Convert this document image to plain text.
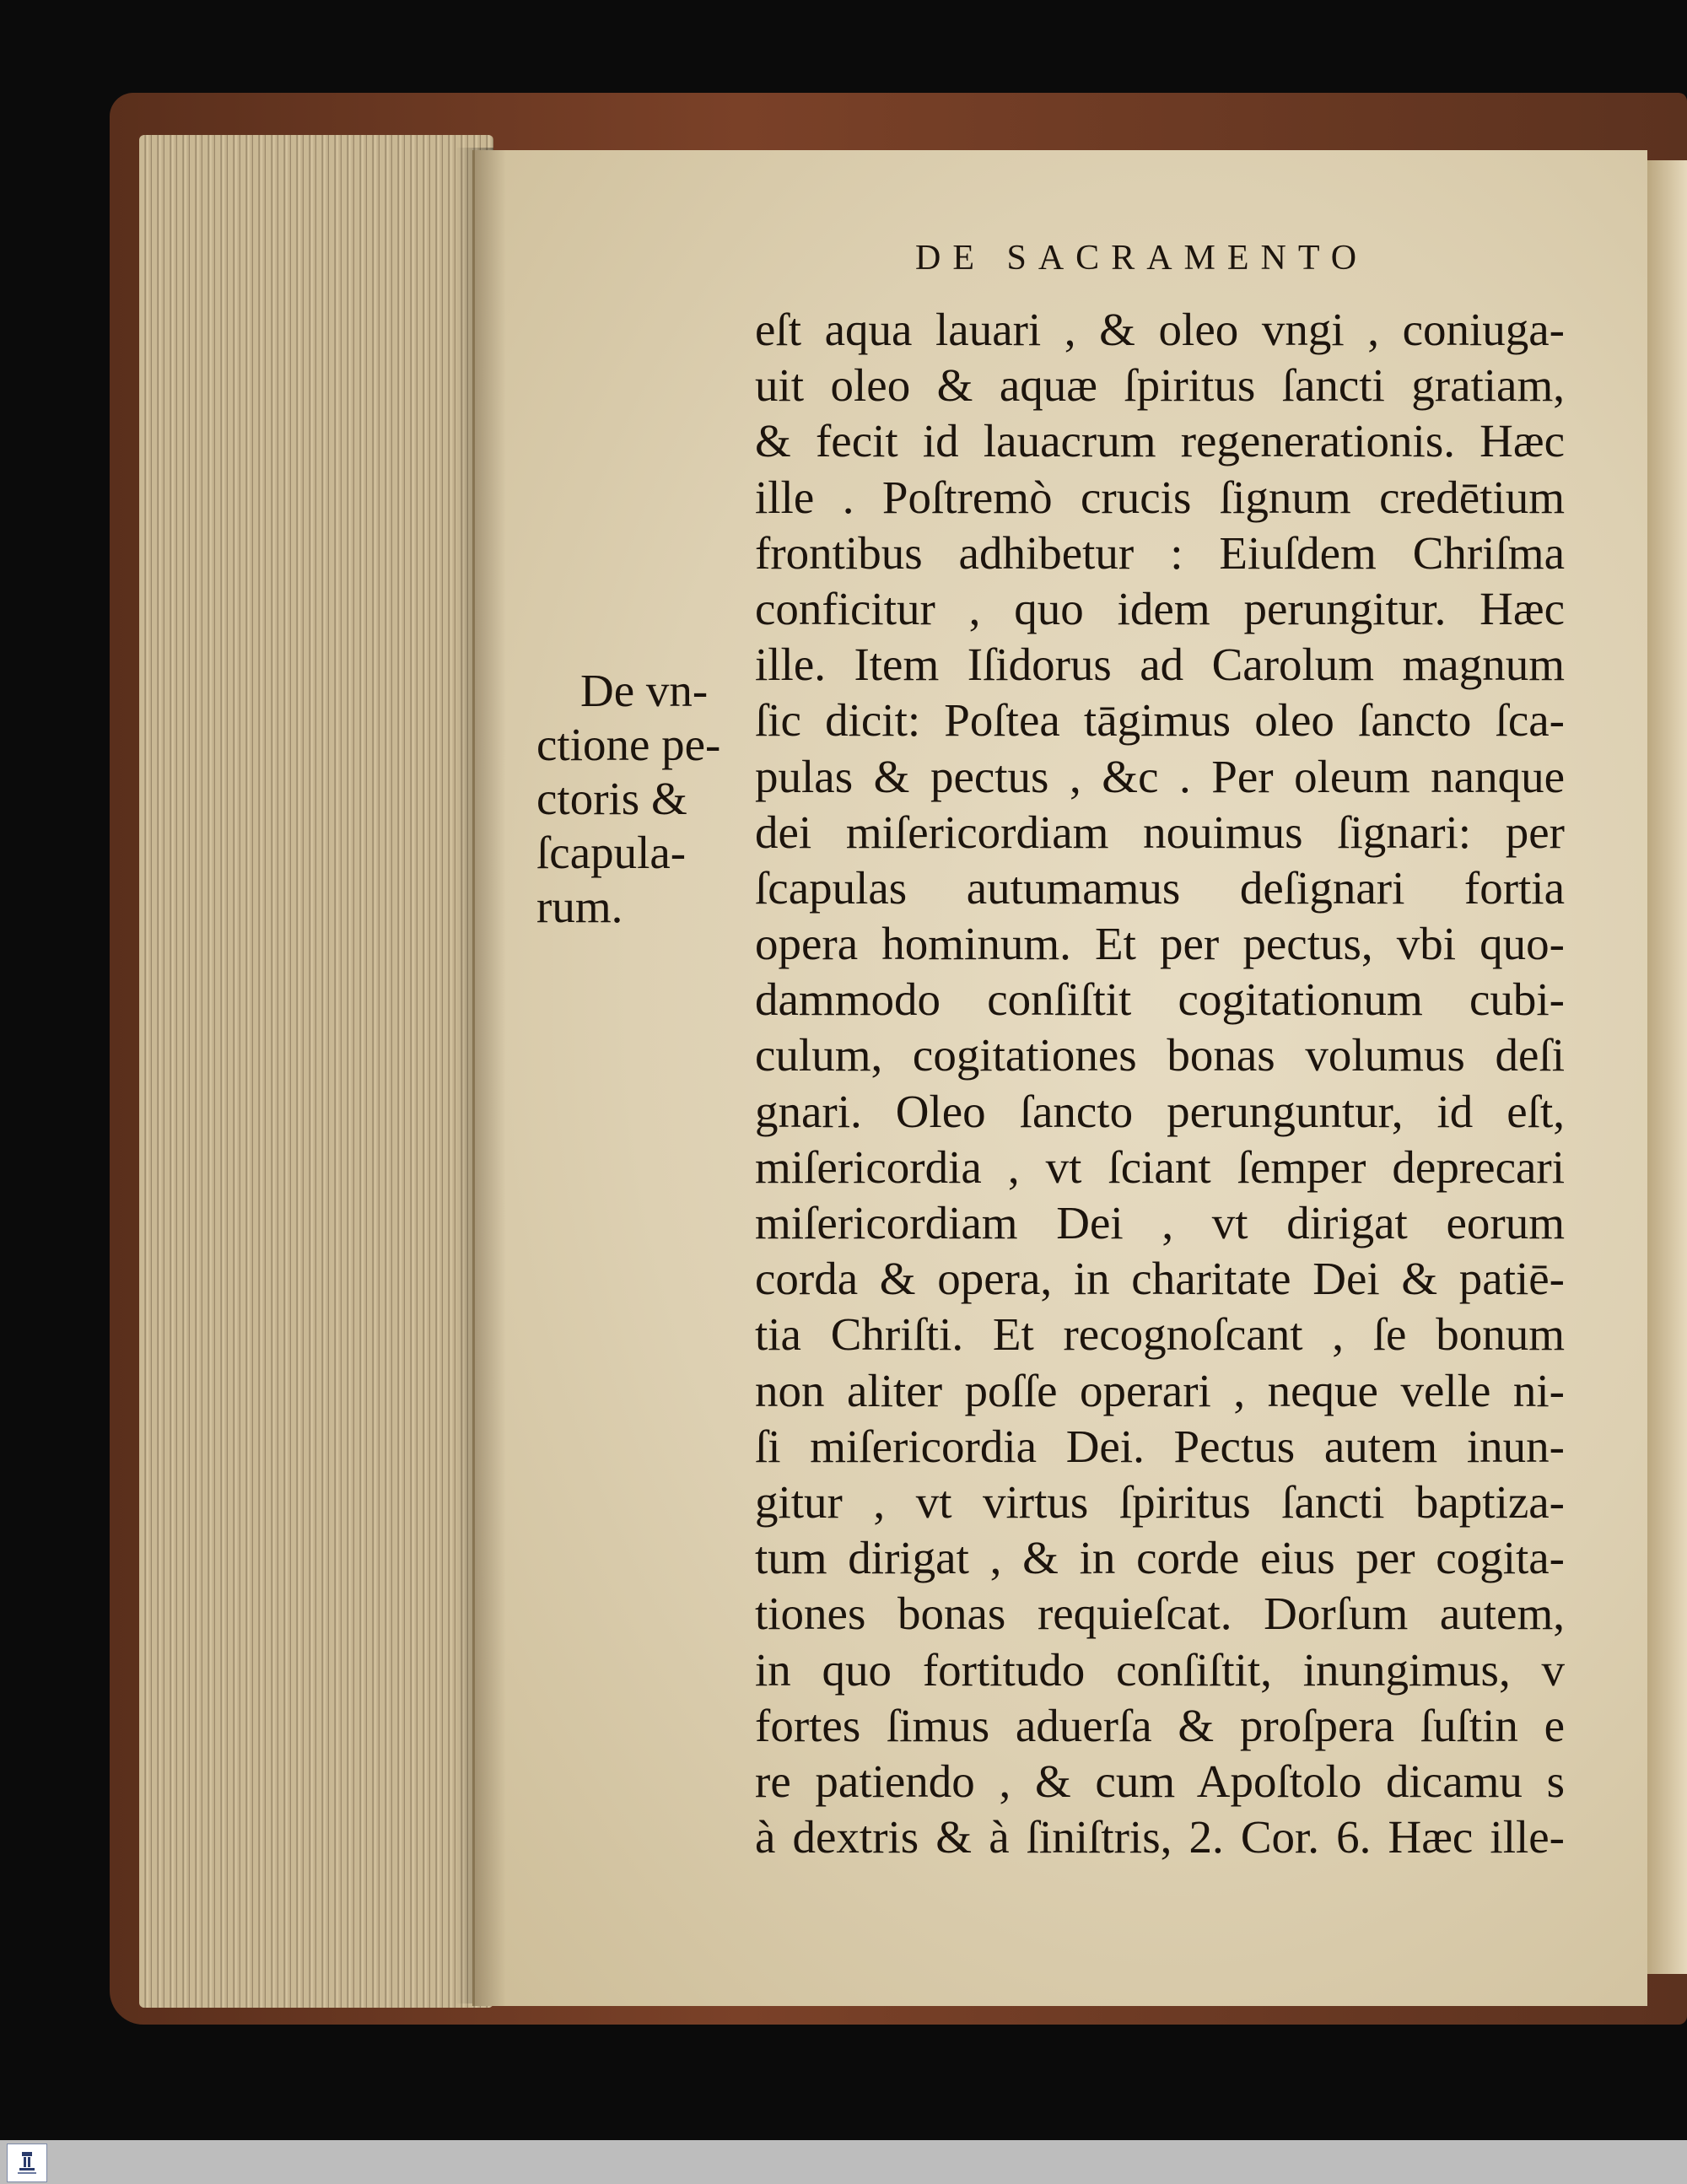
DE SACRAMENTO
De vn-
ctione pe-
ctoris &
ſcapula-
rum.
eſt aqua lauari , & oleo vngi , coniuga-
uit oleo & aquæ ſpiritus ſancti gratiam,
& fecit id lauacrum regenerationis. Hæc
ille . Poſtremò crucis ſignum credētium
frontibus adhibetur : Eiuſdem Chriſma
conficitur , quo idem perungitur. Hæc
ille. Item Iſidorus ad Carolum magnum
ſic dicit: Poſtea tāgimus oleo ſancto ſca-
pulas & pectus , &c . Per oleum nanque
dei miſericordiam nouimus ſignari: per
ſcapulas autumamus deſignari fortia
opera hominum. Et per pectus, vbi quo-
dammodo conſiſtit cogitationum cubi-
culum, cogitationes bonas volumus deſi
gnari. Oleo ſancto perunguntur, id eſt,
miſericordia , vt ſciant ſemper deprecari
miſericordiam Dei , vt dirigat eorum
corda & opera, in charitate Dei & patiē-
tia Chriſti. Et recognoſcant , ſe bonum
non aliter poſſe operari , neque velle ni-
ſi miſericordia Dei. Pectus autem inun-
gitur , vt virtus ſpiritus ſancti baptiza-
tum dirigat , & in corde eius per cogita-
tiones bonas requieſcat. Dorſum autem,
in quo fortitudo conſiſtit, inungimus, v
fortes ſimus aduerſa & proſpera ſuſtin e
re patiendo , & cum Apoſtolo dicamu s
à dextris & à ſiniſtris, 2. Cor. 6. Hæc ille-
